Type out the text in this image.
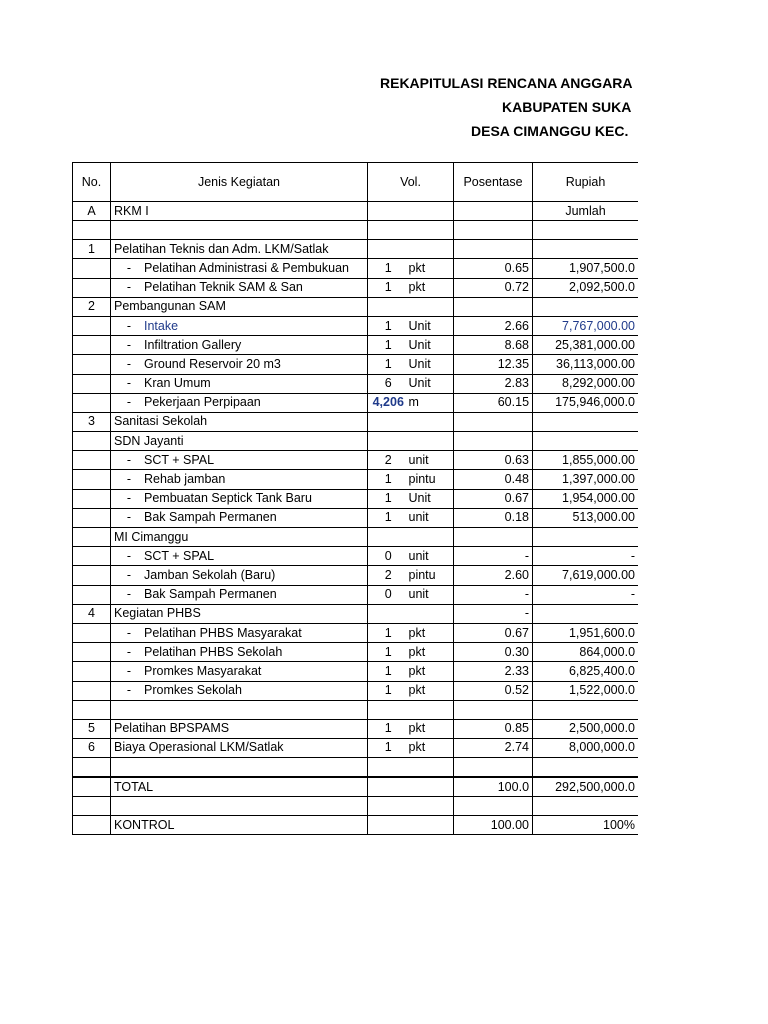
REKAPITULASI RENCANA ANGGARA
KABUPATEN SUKA
DESA CIMANGGU KEC.
No.	Jenis Kegiatan	Vol.		Posentase	Rupiah	
A	RKM I				Jumlah	

1	Pelatihan Teknis dan Adm. LKM/Satlak					
	- Pelatihan Administrasi & Pembukuan	1	pkt	0.65	1,907,500.0	
	- Pelatihan Teknik SAM & San	1	pkt	0.72	2,092,500.0	
2	Pembangunan SAM					
	- Intake	1	Unit	2.66	7,767,000.00	
	- Infiltration Gallery	1	Unit	8.68	25,381,000.00	
	- Ground Reservoir 20 m3	1	Unit	12.35	36,113,000.00	
	- Kran Umum	6	Unit	2.83	8,292,000.00	
	- Pekerjaan Perpipaan	4,206	m	60.15	175,946,000.0	
3	Sanitasi Sekolah					
	SDN Jayanti					
	- SCT + SPAL	2	unit	0.63	1,855,000.00	
	- Rehab jamban	1	pintu	0.48	1,397,000.00	
	- Pembuatan Septick Tank Baru	1	Unit	0.67	1,954,000.00	
	- Bak Sampah Permanen	1	unit	0.18	513,000.00	
	MI Cimanggu					
	- SCT + SPAL	0	unit	-	-	
	- Jamban Sekolah (Baru)	2	pintu	2.60	7,619,000.00	
	- Bak Sampah Permanen	0	unit	-	-	
4	Kegiatan PHBS			-		
	- Pelatihan PHBS Masyarakat	1	pkt	0.67	1,951,600.0	
	- Pelatihan PHBS Sekolah	1	pkt	0.30	864,000.0	
	- Promkes Masyarakat	1	pkt	2.33	6,825,400.0	
	- Promkes Sekolah	1	pkt	0.52	1,522,000.0	

5	Pelatihan BPSPAMS	1	pkt	0.85	2,500,000.0	
6	Biaya Operasional LKM/Satlak	1	pkt	2.74	8,000,000.0	

	TOTAL			100.0	292,500,000.0	

	KONTROL			100.00	100%	
